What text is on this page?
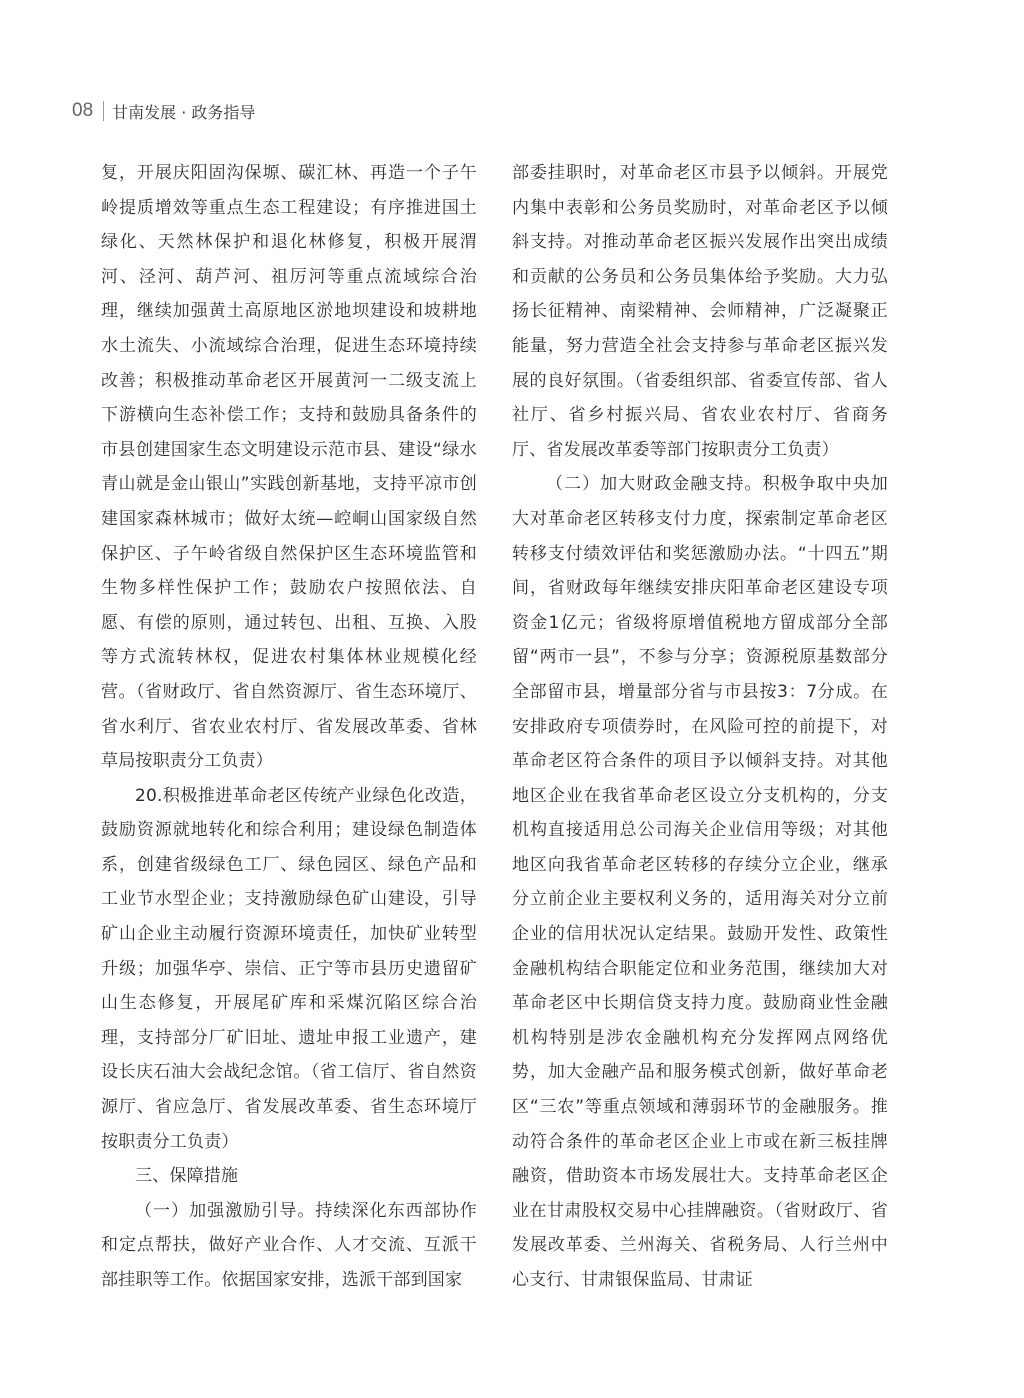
08 甘南发展 · 政务指导

复，开展庆阳固沟保塬、碳汇林、再造一个子午岭提质增效等重点生态工程建设；有序推进国土绿化、天然林保护和退化林修复，积极开展渭河、泾河、葫芦河、祖厉河等重点流域综合治理，继续加强黄土高原地区淤地坝建设和坡耕地水土流失、小流域综合治理，促进生态环境持续改善；积极推动革命老区开展黄河一二级支流上下游横向生态补偿工作；支持和鼓励具备条件的市县创建国家生态文明建设示范市县、建设“绿水青山就是金山银山”实践创新基地，支持平凉市创建国家森林城市；做好太统—崆峒山国家级自然保护区、子午岭省级自然保护区生态环境监管和生物多样性保护工作；鼓励农户按照依法、自愿、有偿的原则，通过转包、出租、互换、入股等方式流转林权，促进农村集体林业规模化经营。（省财政厅、省自然资源厅、省生态环境厅、省水利厅、省农业农村厅、省发展改革委、省林草局按职责分工负责）

20.积极推进革命老区传统产业绿色化改造，鼓励资源就地转化和综合利用；建设绿色制造体系，创建省级绿色工厂、绿色园区、绿色产品和工业节水型企业；支持激励绿色矿山建设，引导矿山企业主动履行资源环境责任，加快矿业转型升级；加强华亭、崇信、正宁等市县历史遗留矿山生态修复，开展尾矿库和采煤沉陷区综合治理，支持部分厂矿旧址、遗址申报工业遗产，建设长庆石油大会战纪念馆。（省工信厅、省自然资源厅、省应急厅、省发展改革委、省生态环境厅按职责分工负责）

三、保障措施

（一）加强激励引导。持续深化东西部协作和定点帮扶，做好产业合作、人才交流、互派干部挂职等工作。依据国家安排，选派干部到国家

部委挂职时，对革命老区市县予以倾斜。开展党内集中表彰和公务员奖励时，对革命老区予以倾斜支持。对推动革命老区振兴发展作出突出成绩和贡献的公务员和公务员集体给予奖励。大力弘扬长征精神、南梁精神、会师精神，广泛凝聚正能量，努力营造全社会支持参与革命老区振兴发展的良好氛围。（省委组织部、省委宣传部、省人社厅、省乡村振兴局、省农业农村厅、省商务厅、省发展改革委等部门按职责分工负责）

（二）加大财政金融支持。积极争取中央加大对革命老区转移支付力度，探索制定革命老区转移支付绩效评估和奖惩激励办法。“十四五”期间，省财政每年继续安排庆阳革命老区建设专项资金1亿元；省级将原增值税地方留成部分全部留“两市一县”，不参与分享；资源税原基数部分全部留市县，增量部分省与市县按3：7分成。在安排政府专项债券时，在风险可控的前提下，对革命老区符合条件的项目予以倾斜支持。对其他地区企业在我省革命老区设立分支机构的，分支机构直接适用总公司海关企业信用等级；对其他地区向我省革命老区转移的存续分立企业，继承分立前企业主要权利义务的，适用海关对分立前企业的信用状况认定结果。鼓励开发性、政策性金融机构结合职能定位和业务范围，继续加大对革命老区中长期信贷支持力度。鼓励商业性金融机构特别是涉农金融机构充分发挥网点网络优势，加大金融产品和服务模式创新，做好革命老区“三农”等重点领域和薄弱环节的金融服务。推动符合条件的革命老区企业上市或在新三板挂牌融资，借助资本市场发展壮大。支持革命老区企业在甘肃股权交易中心挂牌融资。（省财政厅、省发展改革委、兰州海关、省税务局、人行兰州中心支行、甘肃银保监局、甘肃证
